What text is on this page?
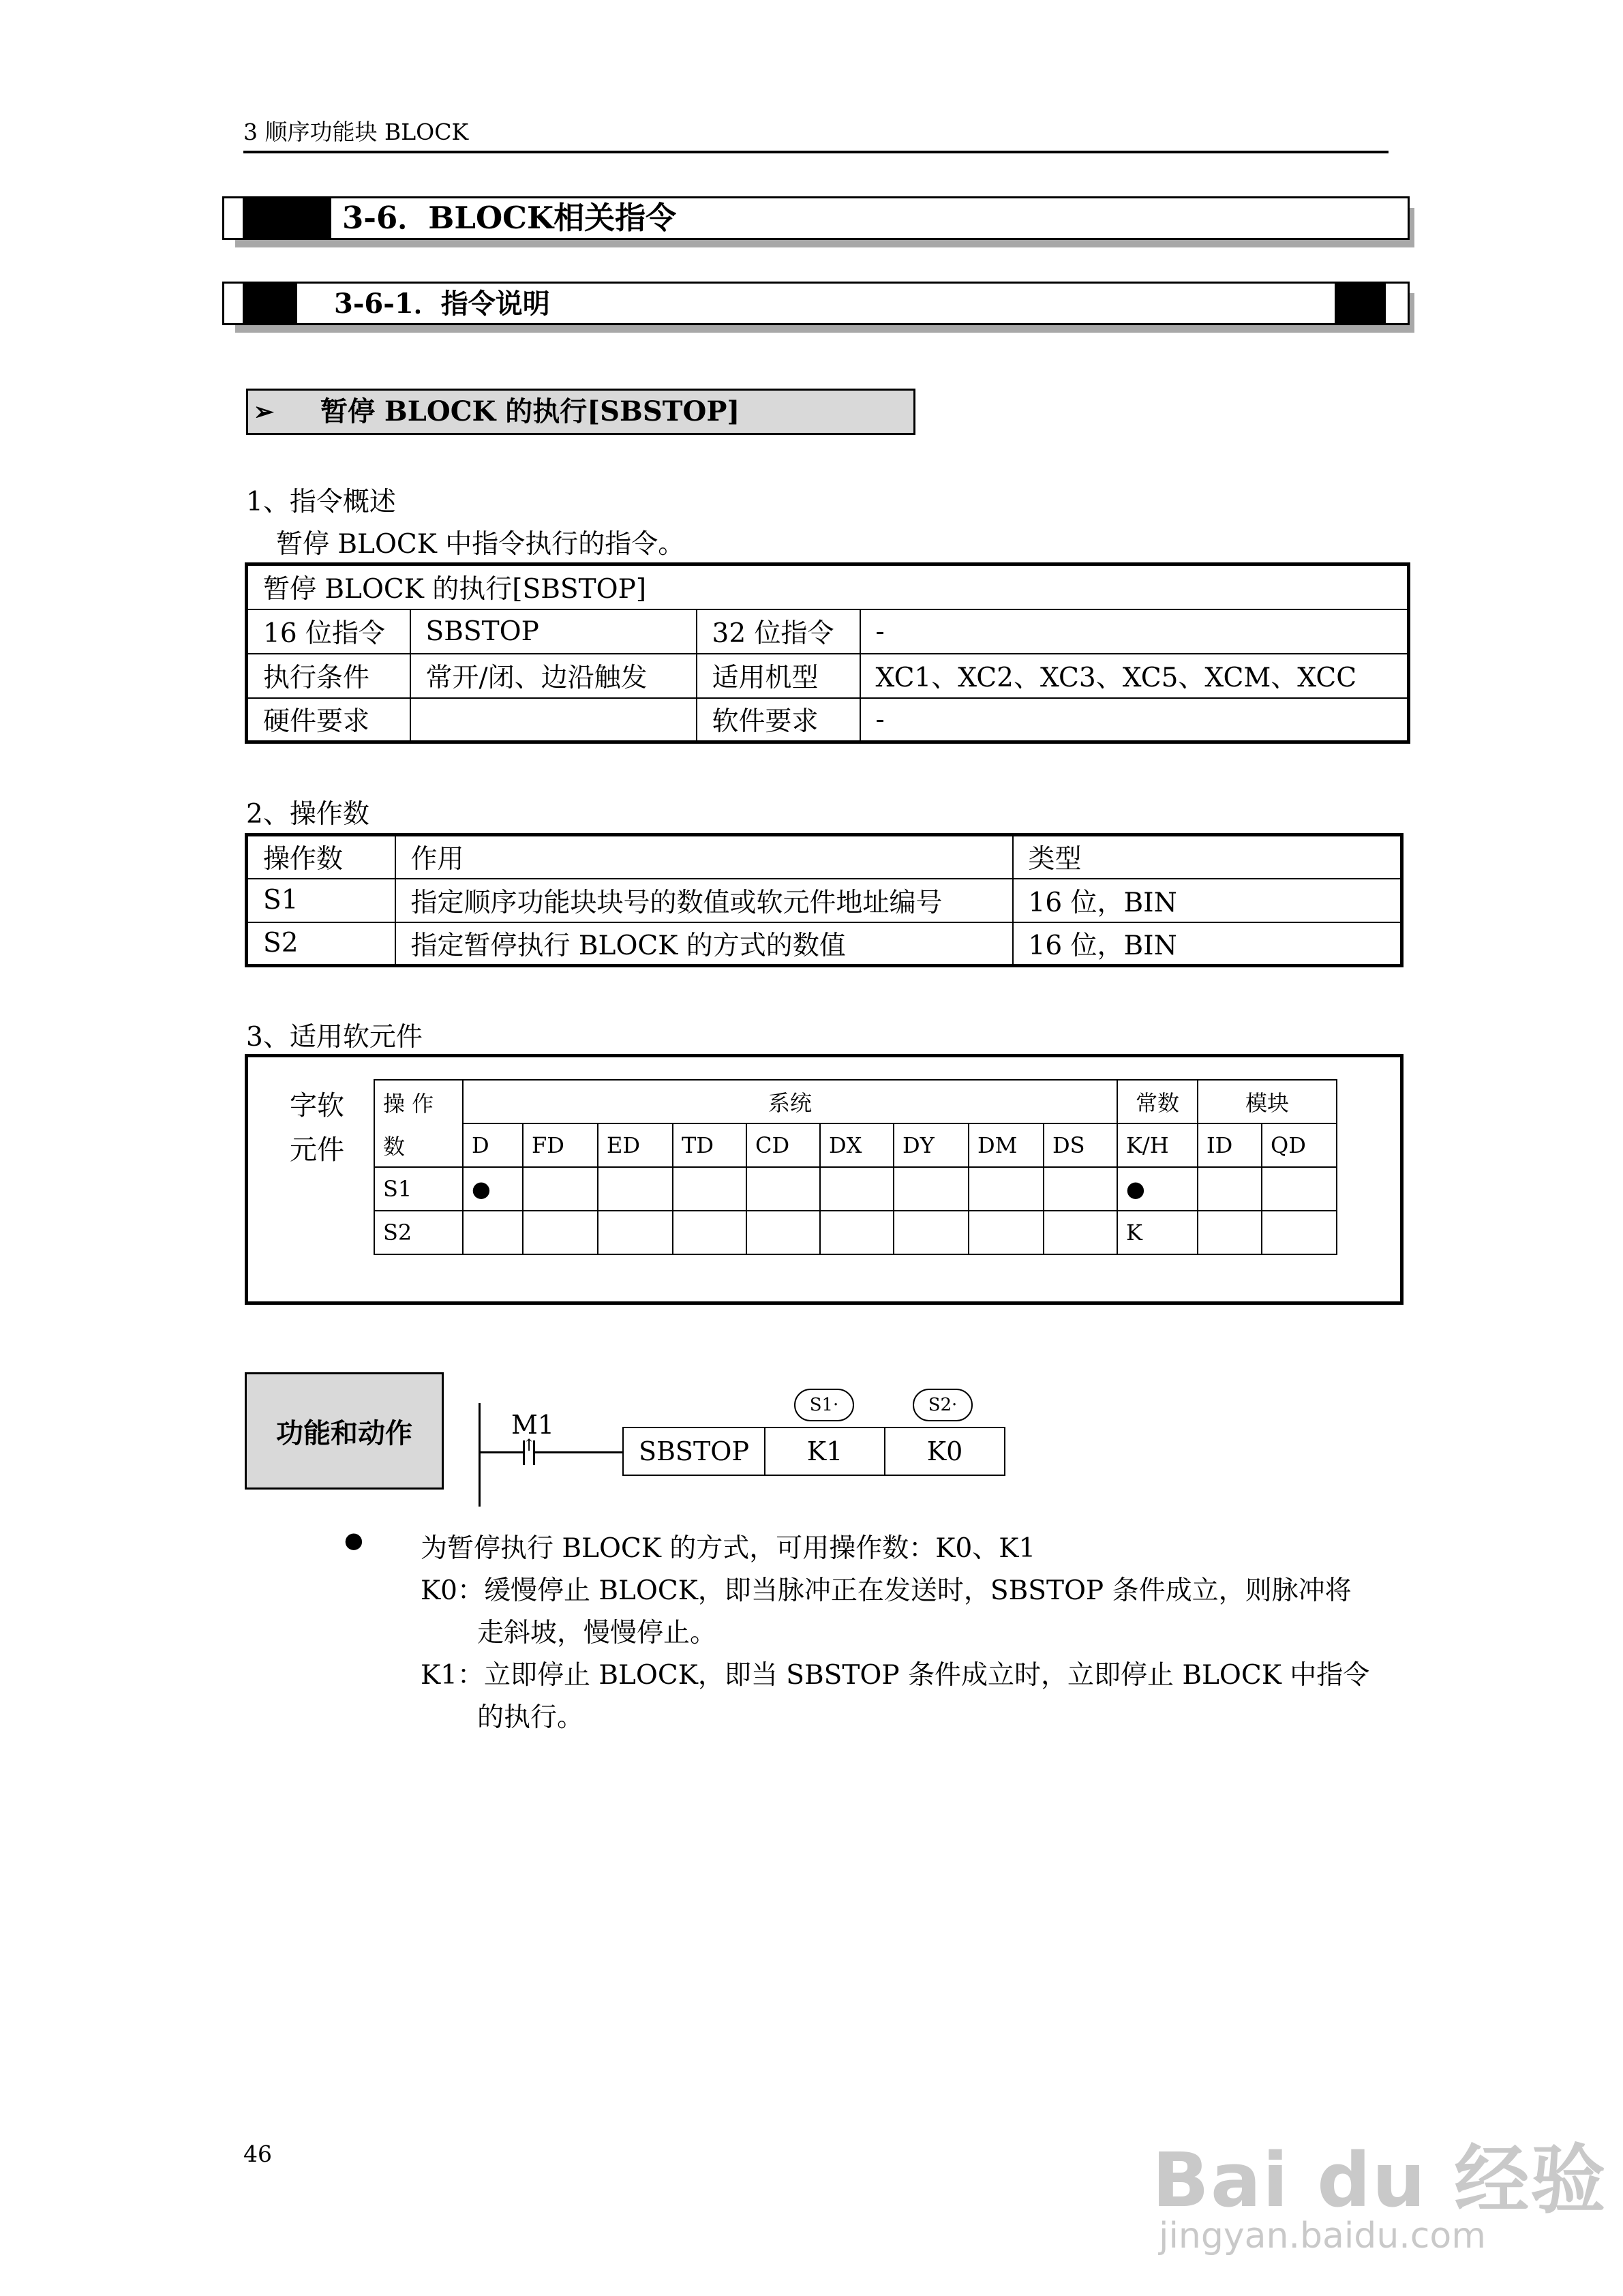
3 顺序功能块 BLOCK
3-6．BLOCK相关指令
3-6-1．指令说明
➢ 暂停 BLOCK 的执行[SBSTOP]
1、指令概述
暂停 BLOCK 中指令执行的指令。
暂停 BLOCK 的执行[SBSTOP]			
16 位指令	SBSTOP	32 位指令	-
执行条件	常开/闭、边沿触发	适用机型	XC1、XC2、XC3、XC5、XCM、XCC
硬件要求		软件要求	-
2、操作数
操作数	作用	类型
S1	指定顺序功能块块号的数值或软元件地址编号	16 位，BIN
S2	指定暂停执行 BLOCK 的方式的数值	16 位，BIN
3、适用软元件
字软
元件
操 作	系统									常数	模块	
数	D	FD	ED	TD	CD	DX	DY	DM	DS	K/H	ID	QD
S1	●									●		
S2										K		
功能和动作	↑
M1
SBSTOP	K1	K0
S1·	S2·
● 为暂停执行 BLOCK 的方式，可用操作数：K0、K1
K0：缓慢停止 BLOCK，即当脉冲正在发送时，SBSTOP 条件成立，则脉冲将
走斜坡，慢慢停止。
K1：立即停止 BLOCK，即当 SBSTOP 条件成立时，立即停止 BLOCK 中指令
的执行。
46	Bai du 经验
jingyan.baidu.com
